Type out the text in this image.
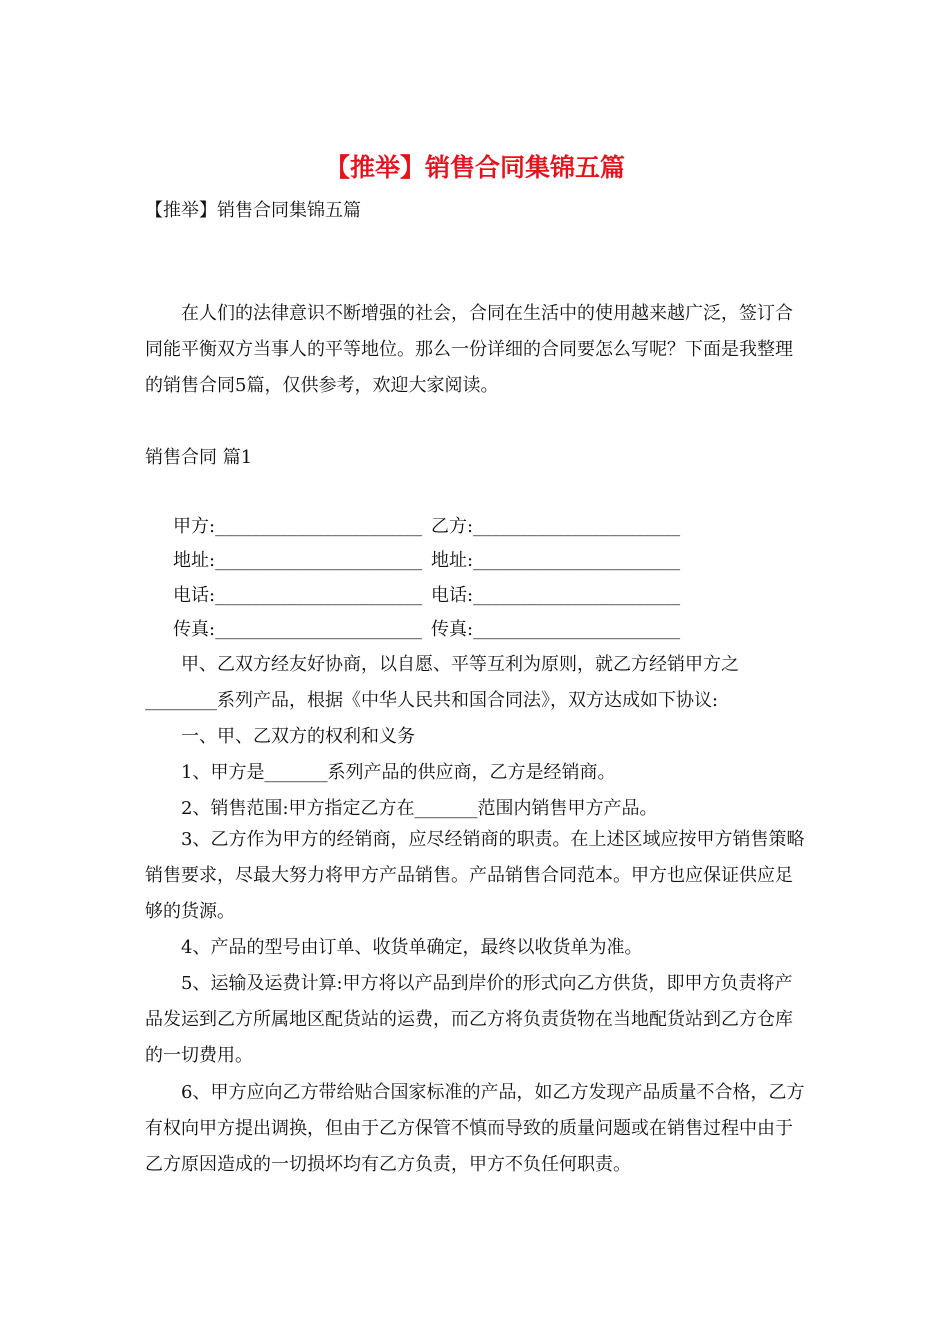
【推举】销售合同集锦五篇
【推举】销售合同集锦五篇
在人们的法律意识不断增强的社会，合同在生活中的使用越来越广泛，签订合同能平衡双方当事人的平等地位。那么一份详细的合同要怎么写呢？下面是我整理的销售合同5篇，仅供参考，欢迎大家阅读。
销售合同 篇1
甲方:_______________________ 乙方:_______________________
地址:_______________________ 地址:_______________________
电话:_______________________ 电话:_______________________
传真:_______________________ 传真:_______________________
甲、乙双方经友好协商，以自愿、平等互利为原则，就乙方经销甲方之________系列产品，根据《中华人民共和国合同法》，双方达成如下协议:
一、甲、乙双方的权利和义务
1、甲方是_______系列产品的供应商，乙方是经销商。
2、销售范围:甲方指定乙方在_______范围内销售甲方产品。
3、乙方作为甲方的经销商，应尽经销商的职责。在上述区域应按甲方销售策略销售要求，尽最大努力将甲方产品销售。产品销售合同范本。甲方也应保证供应足够的货源。
4、产品的型号由订单、收货单确定，最终以收货单为准。
5、运输及运费计算:甲方将以产品到岸价的形式向乙方供货，即甲方负责将产品发运到乙方所属地区配货站的运费，而乙方将负责货物在当地配货站到乙方仓库的一切费用。
6、甲方应向乙方带给贴合国家标准的产品，如乙方发现产品质量不合格，乙方有权向甲方提出调换，但由于乙方保管不慎而导致的质量问题或在销售过程中由于乙方原因造成的一切损坏均有乙方负责，甲方不负任何职责。
